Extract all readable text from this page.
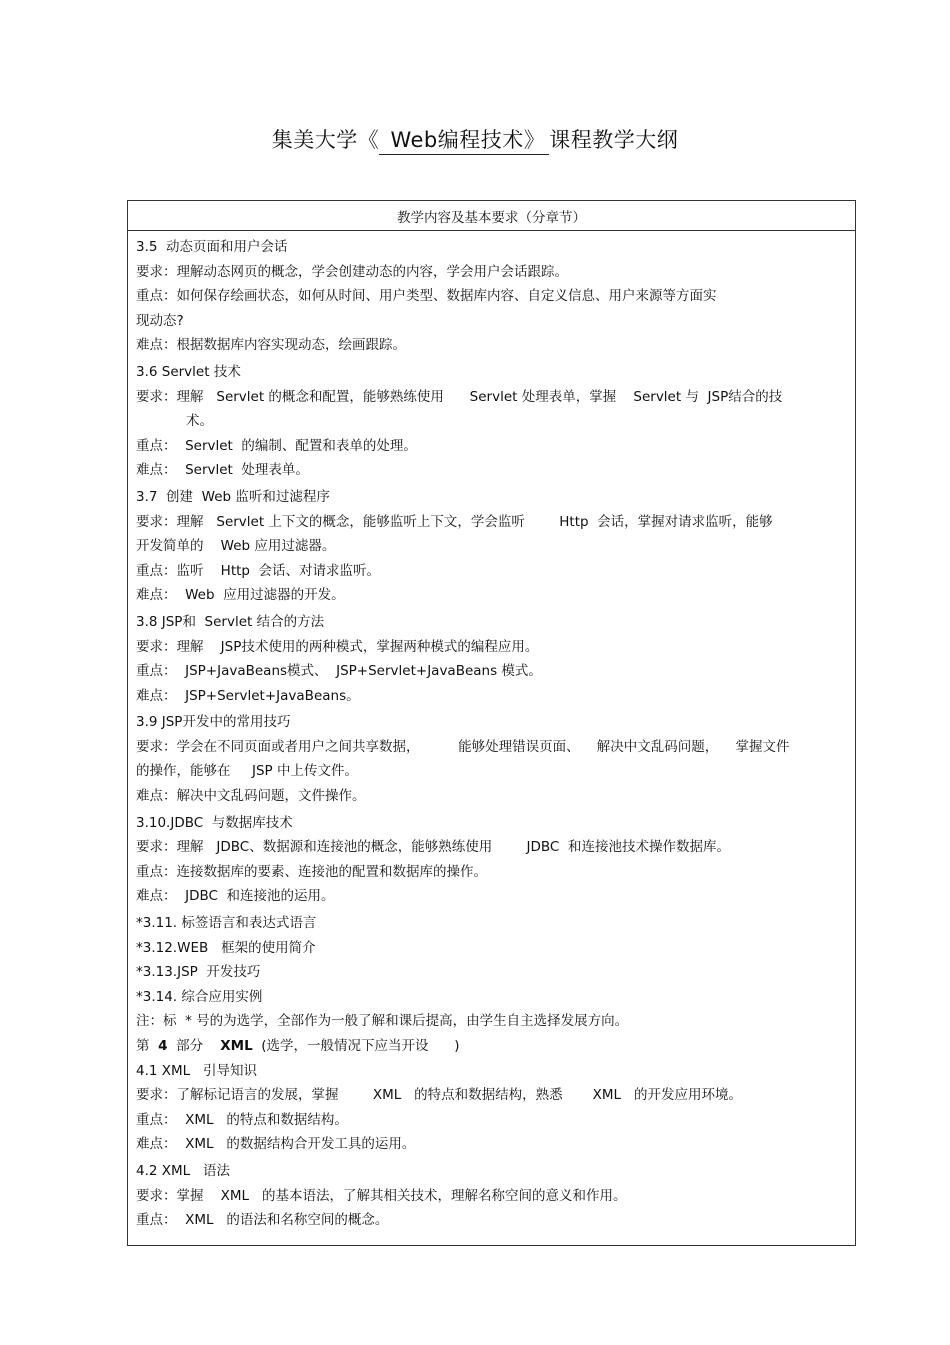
集美大学《 Web编程技术》 课程教学大纲
教学内容及基本要求（分章节）
3.5  动态页面和用户会话
要求：理解动态网页的概念，学会创建动态的内容，学会用户会话跟踪。
重点：如何保存绘画状态，如何从时间、用户类型、数据库内容、自定义信息、用户来源等方面实
现动态?
难点：根据数据库内容实现动态，绘画跟踪。
3.6 Servlet 技术
要求：理解   Servlet 的概念和配置，能够熟练使用      Servlet 处理表单，掌握    Servlet 与  JSP结合的技
术。
重点：  Servlet  的编制、配置和表单的处理。
难点：  Servlet  处理表单。
3.7  创建  Web 监听和过滤程序
要求：理解   Servlet 上下文的概念，能够监听上下文，学会监听        Http  会话，掌握对请求监听，能够
开发简单的    Web 应用过滤器。
重点：监听    Http  会话、对请求监听。
难点：  Web  应用过滤器的开发。
3.8 JSP和  Servlet 结合的方法
要求：理解    JSP技术使用的两种模式，掌握两种模式的编程应用。
重点：  JSP+JavaBeans模式、  JSP+Servlet+JavaBeans 模式。
难点：  JSP+Servlet+JavaBeans。
3.9 JSP开发中的常用技巧
要求：学会在不同页面或者用户之间共享数据，         能够处理错误页面、    解决中文乱码问题，    掌握文件
的操作，能够在     JSP 中上传文件。
难点：解决中文乱码问题，文件操作。
3.10.JDBC  与数据库技术
要求：理解   JDBC、数据源和连接池的概念，能够熟练使用        JDBC  和连接池技术操作数据库。
重点：连接数据库的要素、连接池的配置和数据库的操作。
难点：  JDBC  和连接池的运用。
*3.11. 标签语言和表达式语言
*3.12.WEB   框架的使用简介
*3.13.JSP  开发技巧
*3.14. 综合应用实例
注：标  * 号的为选学，全部作为一般了解和课后提高，由学生自主选择发展方向。
第  4  部分    XML  (选学，一般情况下应当开设      )
4.1 XML   引导知识
要求：了解标记语言的发展，掌握        XML   的特点和数据结构，熟悉       XML   的开发应用环境。
重点：  XML   的特点和数据结构。
难点：  XML   的数据结构合开发工具的运用。
4.2 XML   语法
要求：掌握    XML   的基本语法，了解其相关技术，理解名称空间的意义和作用。
重点：  XML   的语法和名称空间的概念。
